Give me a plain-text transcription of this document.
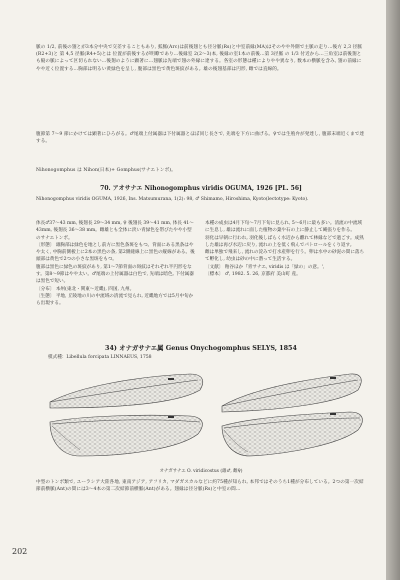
脈の 1/2, 前後の翅とが3本分中央で交差することもあり, 弧脈(Arc)は前後翅とも径分脈(Rs)と中室前縁(MA)はそのやや外側で主脈の走り...後方 2,3 径脈(R2+3)と 第 4,5 径脈(R4+5)とは 位置が前後するが明瞭であり...後縁室 2(2〜3)本, 後縁の室1本の前後...第 3径脈 の 1/3 付近から...三角室は前後翅とも縦の脈によって区切られない...後翅のように顕著に...翅脈は先端で翅の外縁に達する。各室の形態は種によりやや異なり, 数本の横脈を含み, 翅の前縁にやや近く位置する...胸部は明るい黄緑色を呈し, 腹部は黒色で黄色斑紋がある。雄の後翅基部は円形, 雌では直線的。
腹節第 7〜9 節にかけては顕著にひろがる。♂尾端上付属器は下付属器とほぼ同じ長さで, 先端を下方に曲げる。♀では生殖弁が発達し, 腹部末端近くまで達する。
Nihonogomphus は Nihon(日本)+ Gomphus(サナエトンボ)。
70. アオサナエ Nihonogomphus viridis OGUMA, 1926 [PL. 56]
Nihonogomphus viridis OGUMA, 1926, Ins. Matsumurana, 1(2): 98, ♂ Shimamo, Hiroshima, Kyoto(lectotype: Kyoto).

体長♂37〜43 mm, 後翅長 29〜34 mm, ♀ 後翅長 39〜41 mm, 体長 41〜43mm, 後翅長 36〜38 mm。雌雄とも全体に淡い青緑色を帯びたやや小型のサナエトンボ。

〔形態〕 雄胸部は緑色を地とし前方に黒色条斑をもつ。背面にある黒条はやや太く, 中胸前側板上に2本の黒色の条, 第2側縫線上に黒色の縦線がある。後頭部は黄色で2つの小さな黒斑をもつ。

腹部は黒色に緑色の斑紋があり, 第1〜7節背面の斑紋はそれぞれ半円形をなす。第8〜9節はやや太い。♂尾端の上付属器は白色で, 先端は暗色, 下付属器は黒色で短い。

〔分布〕 本州(東北・関東〜近畿), 四国, 九州。

〔生態〕 平地, 丘陵地の川の中流域の清流で見られ, 近畿地方では5月中旬から出現する。

本種の成虫は4月下旬〜7月下旬に見られ, 5〜6月に最も多い。清流の中流域に生息し, 雄は流れに面した植物の葉や石の上に静止して縄張りを作る。

羽化は早朝に行われ, 羽化後しばらく水辺から離れて林縁などで過ごす。成熟した雄は再び水辺に戻り, 流れの上を低く飛んでパトロールをくり返す。

雌は単独で飛来し, 流れの淀みで打水産卵を行う。卵は水中の砂泥の間に落ちて孵化し, 幼虫は砂の中に潜って生活する。

〔文献〕 粕谷ほか『青サナエ, viridis は「緑の」の意。',

〔標本〕 ♂, 1982. 5. 26, 京都府 美山町 産。

34) オナガサナエ属 Genus Onychogomphus SELYS, 1854
模式種：Libellula forcipata LINNAEUS, 1758
オナガサナエ O. viridicostus (雄♂, 雌♀)
中型のトンボ類で, ユーラシア大陸各地, 東南アジア, アフリカ, マダガスカルなどに約75種が知られ, 本邦ではそのうち1種が分布している。2つの第一次結節前横脈(Ant)の間には3〜4本の第二次結節前横脈(Ant)がある。翅縁は径分脈(Rs)と中室の間...
202
